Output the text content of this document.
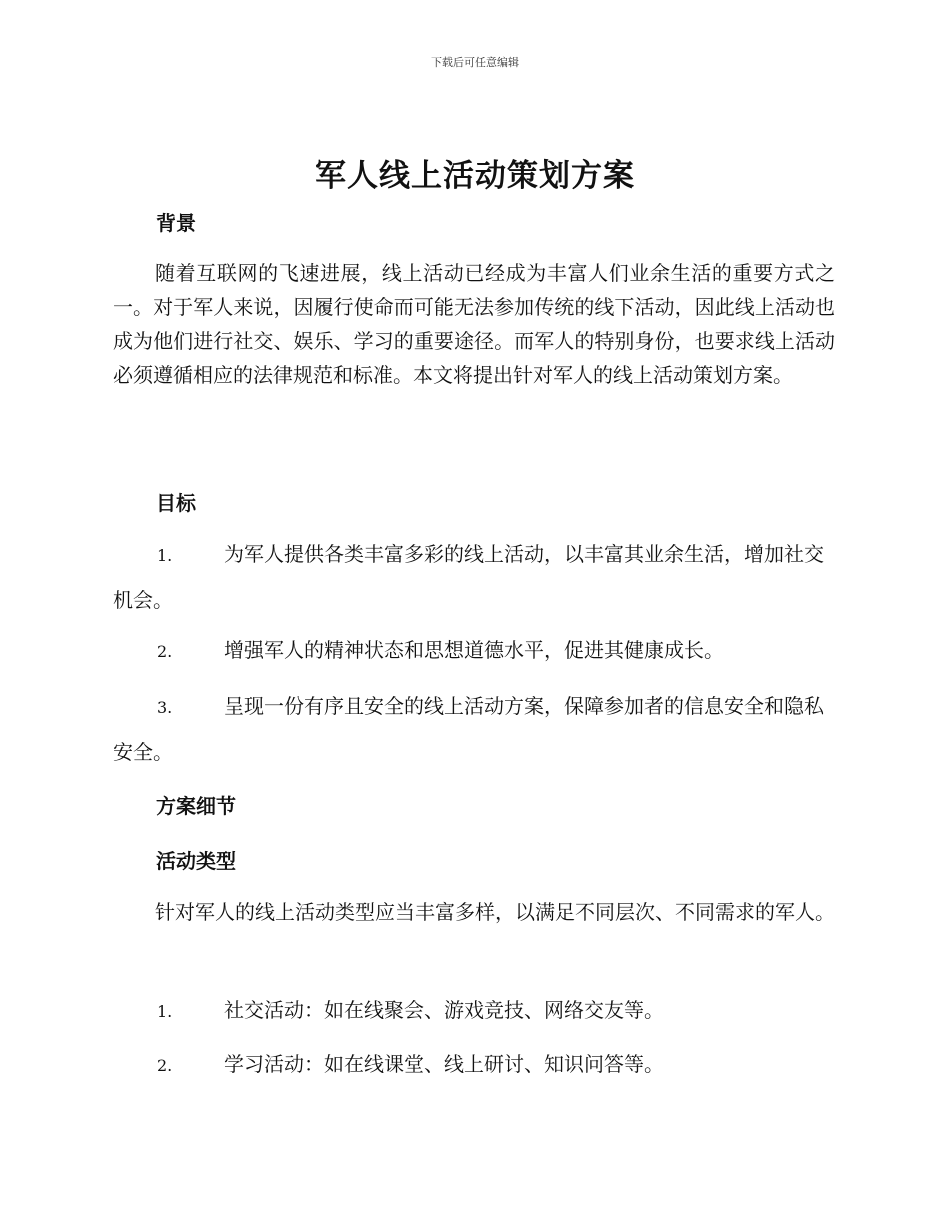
下载后可任意编辑
军人线上活动策划方案
背景
随着互联网的飞速进展，线上活动已经成为丰富人们业余生活的重要方式之一。对于军人来说，因履行使命而可能无法参加传统的线下活动，因此线上活动也成为他们进行社交、娱乐、学习的重要途径。而军人的特别身份，也要求线上活动必须遵循相应的法律规范和标准。本文将提出针对军人的线上活动策划方案。
目标
1.	为军人提供各类丰富多彩的线上活动，以丰富其业余生活，增加社交机会。
2.	增强军人的精神状态和思想道德水平，促进其健康成长。
3.	呈现一份有序且安全的线上活动方案，保障参加者的信息安全和隐私安全。
方案细节
活动类型
针对军人的线上活动类型应当丰富多样，以满足不同层次、不同需求的军人。
1.	社交活动：如在线聚会、游戏竞技、网络交友等。
2.	学习活动：如在线课堂、线上研讨、知识问答等。
